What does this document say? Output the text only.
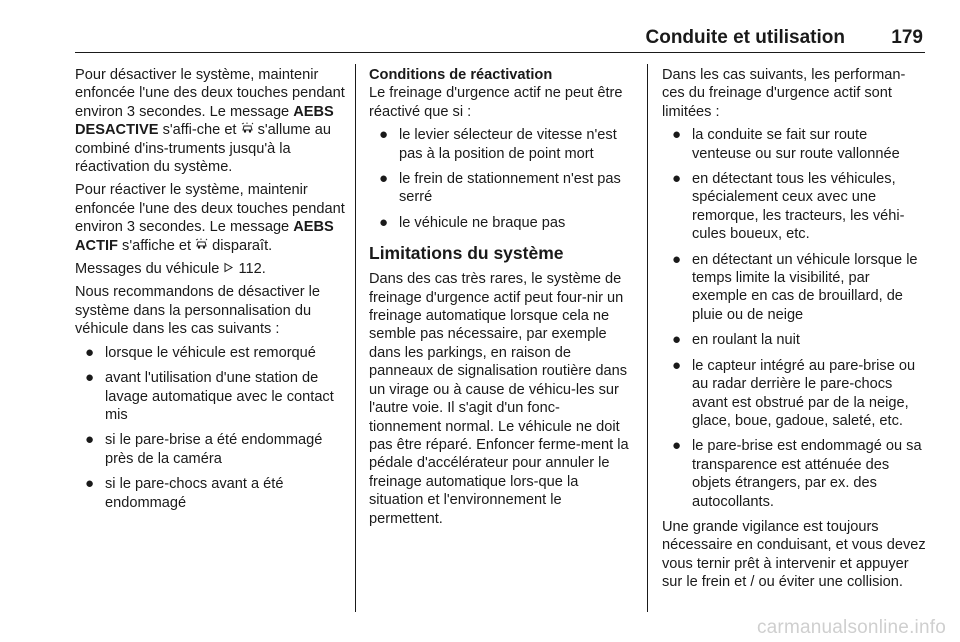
Conduite et utilisation 179

Pour désactiver le système, maintenir enfoncée l'une des deux touches pendant environ 3 secondes. Le message AEBS DESACTIVE s'affi-che et  s'allume au combiné d'ins-truments jusqu'à la réactivation du système.

Pour réactiver le système, maintenir enfoncée l'une des deux touches pendant environ 3 secondes. Le message AEBS ACTIF s'affiche et  disparaît.

Messages du véhicule  112.

Nous recommandons de désactiver le système dans la personnalisation du véhicule dans les cas suivants :

● lorsque le véhicule est remorqué
● avant l'utilisation d'une station de lavage automatique avec le contact mis
● si le pare-brise a été endommagé près de la caméra
● si le pare-chocs avant a été endommagé
Conditions de réactivation

Le freinage d'urgence actif ne peut être réactivé que si :

● le levier sélecteur de vitesse n'est pas à la position de point mort
● le frein de stationnement n'est pas serré
● le véhicule ne braque pas
Limitations du système

Dans des cas très rares, le système de freinage d'urgence actif peut four-nir un freinage automatique lorsque cela ne semble pas nécessaire, par exemple dans les parkings, en raison de panneaux de signalisation routière dans un virage ou à cause de véhicu-les sur l'autre voie. Il s'agit d'un fonc-tionnement normal. Le véhicule ne doit pas être réparé. Enfoncer ferme-ment la pédale d'accélérateur pour annuler le freinage automatique lors-que la situation et l'environnement le permettent.

Dans les cas suivants, les performan-ces du freinage d'urgence actif sont limitées :

● la conduite se fait sur route venteuse ou sur route vallonnée
● en détectant tous les véhicules, spécialement ceux avec une remorque, les tracteurs, les véhi-cules boueux, etc.
● en détectant un véhicule lorsque le temps limite la visibilité, par exemple en cas de brouillard, de pluie ou de neige
● en roulant la nuit
● le capteur intégré au pare-brise ou au radar derrière le pare-chocs avant est obstrué par de la neige, glace, boue, gadoue, saleté, etc.
● le pare-brise est endommagé ou sa transparence est atténuée des objets étrangers, par ex. des autocollants.

Une grande vigilance est toujours nécessaire en conduisant, et vous devez vous ternir prêt à intervenir et appuyer sur le frein et / ou éviter une collision.

carmanualsonline.info
